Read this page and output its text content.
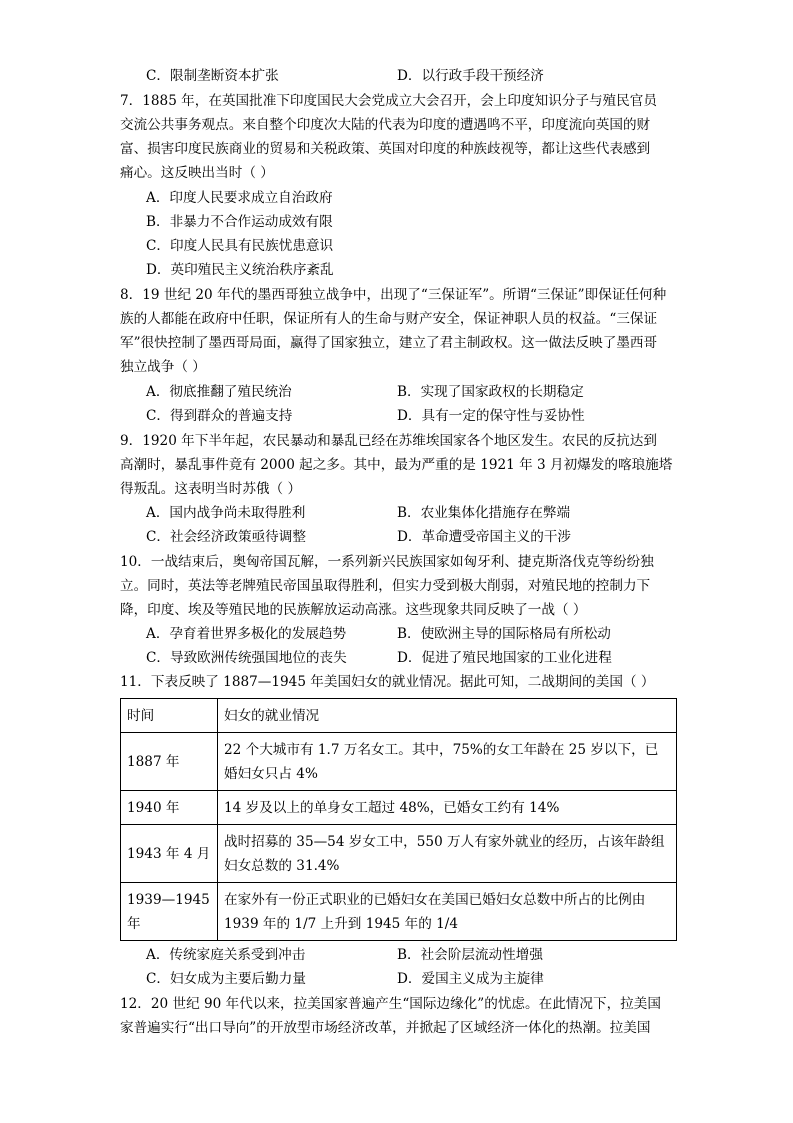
C．限制垄断资本扩张	D．以行政手段干预经济
7．1885 年，在英国批准下印度国民大会党成立大会召开，会上印度知识分子与殖民官员
交流公共事务观点。来自整个印度次大陆的代表为印度的遭遇鸣不平，印度流向英国的财
富、损害印度民族商业的贸易和关税政策、英国对印度的种族歧视等，都让这些代表感到
痛心。这反映出当时（ ）
A．印度人民要求成立自治政府
B．非暴力不合作运动成效有限
C．印度人民具有民族忧患意识
D．英印殖民主义统治秩序紊乱
8．19 世纪 20 年代的墨西哥独立战争中，出现了“三保证军”。所谓“三保证”即保证任何种
族的人都能在政府中任职，保证所有人的生命与财产安全，保证神职人员的权益。“三保证
军”很快控制了墨西哥局面，赢得了国家独立，建立了君主制政权。这一做法反映了墨西哥
独立战争（ ）
A．彻底推翻了殖民统治	B．实现了国家政权的长期稳定
C．得到群众的普遍支持	D．具有一定的保守性与妥协性
9．1920 年下半年起，农民暴动和暴乱已经在苏维埃国家各个地区发生。农民的反抗达到
高潮时，暴乱事件竟有 2000 起之多。其中，最为严重的是 1921 年 3 月初爆发的喀琅施塔
得叛乱。这表明当时苏俄（ ）
A．国内战争尚未取得胜利	B．农业集体化措施存在弊端
C．社会经济政策亟待调整	D．革命遭受帝国主义的干涉
10．一战结束后，奥匈帝国瓦解，一系列新兴民族国家如匈牙利、捷克斯洛伐克等纷纷独
立。同时，英法等老牌殖民帝国虽取得胜利，但实力受到极大削弱，对殖民地的控制力下
降，印度、埃及等殖民地的民族解放运动高涨。这些现象共同反映了一战（ ）
A．孕育着世界多极化的发展趋势	B．使欧洲主导的国际格局有所松动
C．导致欧洲传统强国地位的丧失	D．促进了殖民地国家的工业化进程
11．下表反映了 1887—1945 年美国妇女的就业情况。据此可知，二战期间的美国（ ）
时间	妇女的就业情况
1887 年	22 个大城市有 1.7 万名女工。其中，75%的女工年龄在 25 岁以下，已婚妇女只占 4%
1940 年	14 岁及以上的单身女工超过 48%，已婚女工约有 14%
1943 年 4 月	战时招募的 35—54 岁女工中，550 万人有家外就业的经历，占该年龄组妇女总数的 31.4%
1939—1945 年	在家外有一份正式职业的已婚妇女在美国已婚妇女总数中所占的比例由 1939 年的 1/7 上升到 1945 年的 1/4
A．传统家庭关系受到冲击	B．社会阶层流动性增强
C．妇女成为主要后勤力量	D．爱国主义成为主旋律
12．20 世纪 90 年代以来，拉美国家普遍产生“国际边缘化”的忧虑。在此情况下，拉美国
家普遍实行“出口导向”的开放型市场经济改革，并掀起了区域经济一体化的热潮。拉美国
